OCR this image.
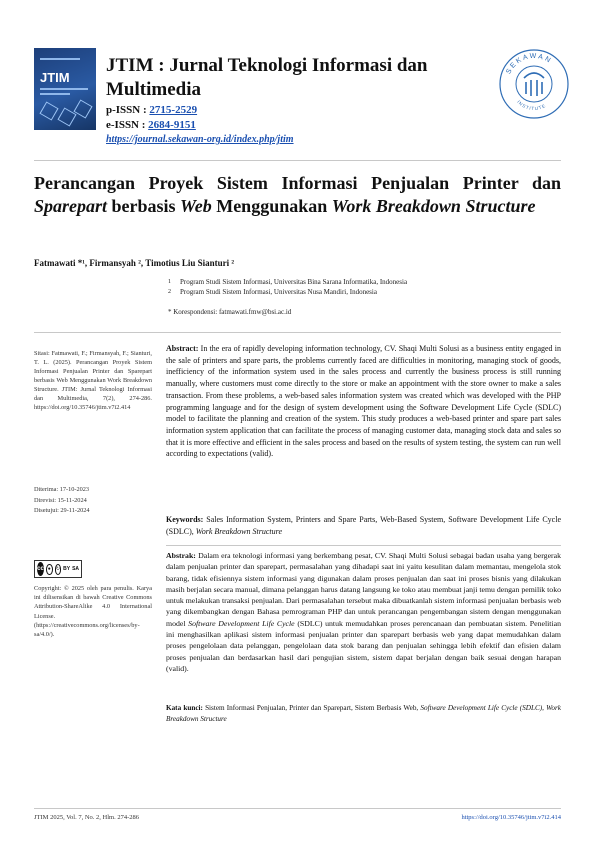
JTIM
JTIM : Jurnal Teknologi Informasi dan Multimedia
p-ISSN : 2715-2529
e-ISSN : 2684-9151
https://journal.sekawan-org.id/index.php/jtim
SEKAWAN
INSTITUTE
Perancangan Proyek Sistem Informasi Penjualan Printer dan Sparepart berbasis Web Menggunakan Work Breakdown Structure
Fatmawati *¹, Firmansyah ², Timotius Liu Sianturi ²
1	Program Studi Sistem Informasi, Universitas Bina Sarana Informatika, Indonesia
2	Program Studi Sistem Informasi, Universitas Nusa Mandiri, Indonesia
* Korespondensi: fatmawati.fmw@bsi.ac.id
Sitasi: Fatmawati, F.; Firmansyah, F.; Sianturi, T. L. (2025). Perancangan Proyek Sistem Informasi Penjualan Printer dan Sparepart berbasis Web Menggunakan Work Breakdown Structure. JTIM: Jurnal Teknologi Informasi dan Multimedia, 7(2), 274-286. https://doi.org/10.35746/jtim.v7i2.414
Diterima: 17-10-2023
Direvisi: 15-11-2024
Disetujui: 29-11-2024
cc ● ↻ BY SA
Copyright: © 2025 oleh para penulis. Karya ini dilisensikan di bawah Creative Commons Attribution-ShareAlike 4.0 International License. (https://creativecommons.org/licenses/by-sa/4.0/).
Abstract: In the era of rapidly developing information technology, CV. Shaqi Multi Solusi as a business entity engaged in the sale of printers and spare parts, the problems currently faced are difficulties in monitoring, managing stock of goods, inefficiency of the information system used in the sales process and currently the business process is still running manually, where customers must come directly to the store or make an appointment with the store owner to make a sales transaction. From these problems, a web-based sales information system was created which was developed with the PHP programming language and for the design of system development using the Software Development Life Cycle (SDLC) model to facilitate the planning and creation of the system. This study produces a web-based printer and spare part sales information system application that can facilitate the process of managing customer data, managing stock data and sales so that it is more effective and efficient in the sales process and based on the results of system testing, the system can run well according to expectations (valid).
Keywords: Sales Information System, Printers and Spare Parts, Web-Based System, Software Development Life Cycle (SDLC), Work Breakdown Structure
Abstrak: Dalam era teknologi informasi yang berkembang pesat, CV. Shaqi Multi Solusi sebagai badan usaha yang bergerak dalam penjualan printer dan sparepart, permasalahan yang dihadapi saat ini yaitu kesulitan dalam memantau, mengelola stok barang, tidak efisiennya sistem informasi yang digunakan dalam proses penjualan dan saat ini proses bisnis yang dilakukan masih berjalan secara manual, dimana pelanggan harus datang langsung ke toko atau membuat janji temu dengan pemilik toko untuk melakukan transaksi penjualan. Dari permasalahan tersebut maka dibuatkanlah sistem informasi penjualan berbasis web yang dikembangkan dengan Bahasa pemrograman PHP dan untuk perancangan pengembangan sistem dengan menggunakan model Software Development Life Cycle (SDLC) untuk memudahkan proses perencanaan dan pembuatan sistem. Penelitian ini menghasilkan aplikasi sistem informasi penjualan printer dan sparepart berbasis web yang dapat memudahkan dalam proses pengelolaan data pelanggan, pengelolaan data stok barang dan penjualan sehingga lebih efektif dan efisien dalam proses penjualan dan berdasarkan hasil dari pengujian sistem, sistem dapat berjalan dengan baik sesuai dengan harapan (valid).
Kata kunci: Sistem Informasi Penjualan, Printer dan Sparepart, Sistem Berbasis Web, Software Development Life Cycle (SDLC), Work Breakdown Structure
JTIM 2025, Vol. 7, No. 2, Hlm. 274-286	https://doi.org/10.35746/jtim.v7i2.414
